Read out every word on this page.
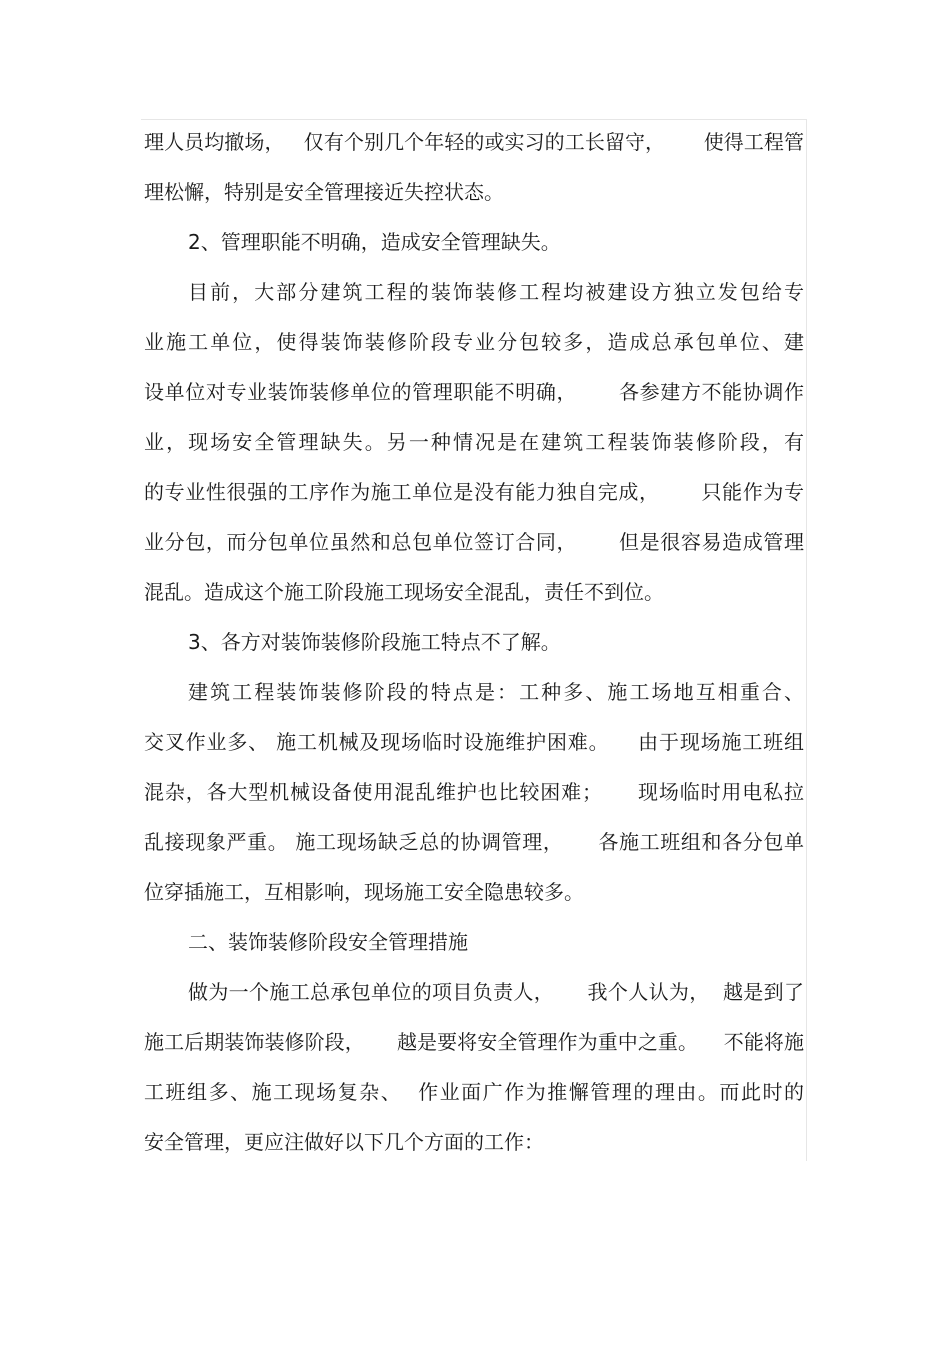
理人员均撤场，   仅有个别几个年轻的或实习的工长留守，      使得工程管
理松懈，特别是安全管理接近失控状态。
2、管理职能不明确，造成安全管理缺失。
目前，大部分建筑工程的装饰装修工程均被建设方独立发包给专
业施工单位，使得装饰装修阶段专业分包较多，造成总承包单位、建
设单位对专业装饰装修单位的管理职能不明确，      各参建方不能协调作
业，现场安全管理缺失。另一种情况是在建筑工程装饰装修阶段，有
的专业性很强的工序作为施工单位是没有能力独自完成，      只能作为专
业分包，而分包单位虽然和总包单位签订合同，      但是很容易造成管理
混乱。造成这个施工阶段施工现场安全混乱，责任不到位。
3、各方对装饰装修阶段施工特点不了解。
建筑工程装饰装修阶段的特点是：工种多、施工场地互相重合、
交叉作业多、 施工机械及现场临时设施维护困难。    由于现场施工班组
混杂，各大型机械设备使用混乱维护也比较困难；     现场临时用电私拉
乱接现象严重。 施工现场缺乏总的协调管理，     各施工班组和各分包单
位穿插施工，互相影响，现场施工安全隐患较多。
二、装饰装修阶段安全管理措施
做为一个施工总承包单位的项目负责人，     我个人认为，  越是到了
施工后期装饰装修阶段，     越是要将安全管理作为重中之重。    不能将施
工班组多、施工现场复杂、  作业面广作为推懈管理的理由。而此时的
安全管理，更应注做好以下几个方面的工作：
